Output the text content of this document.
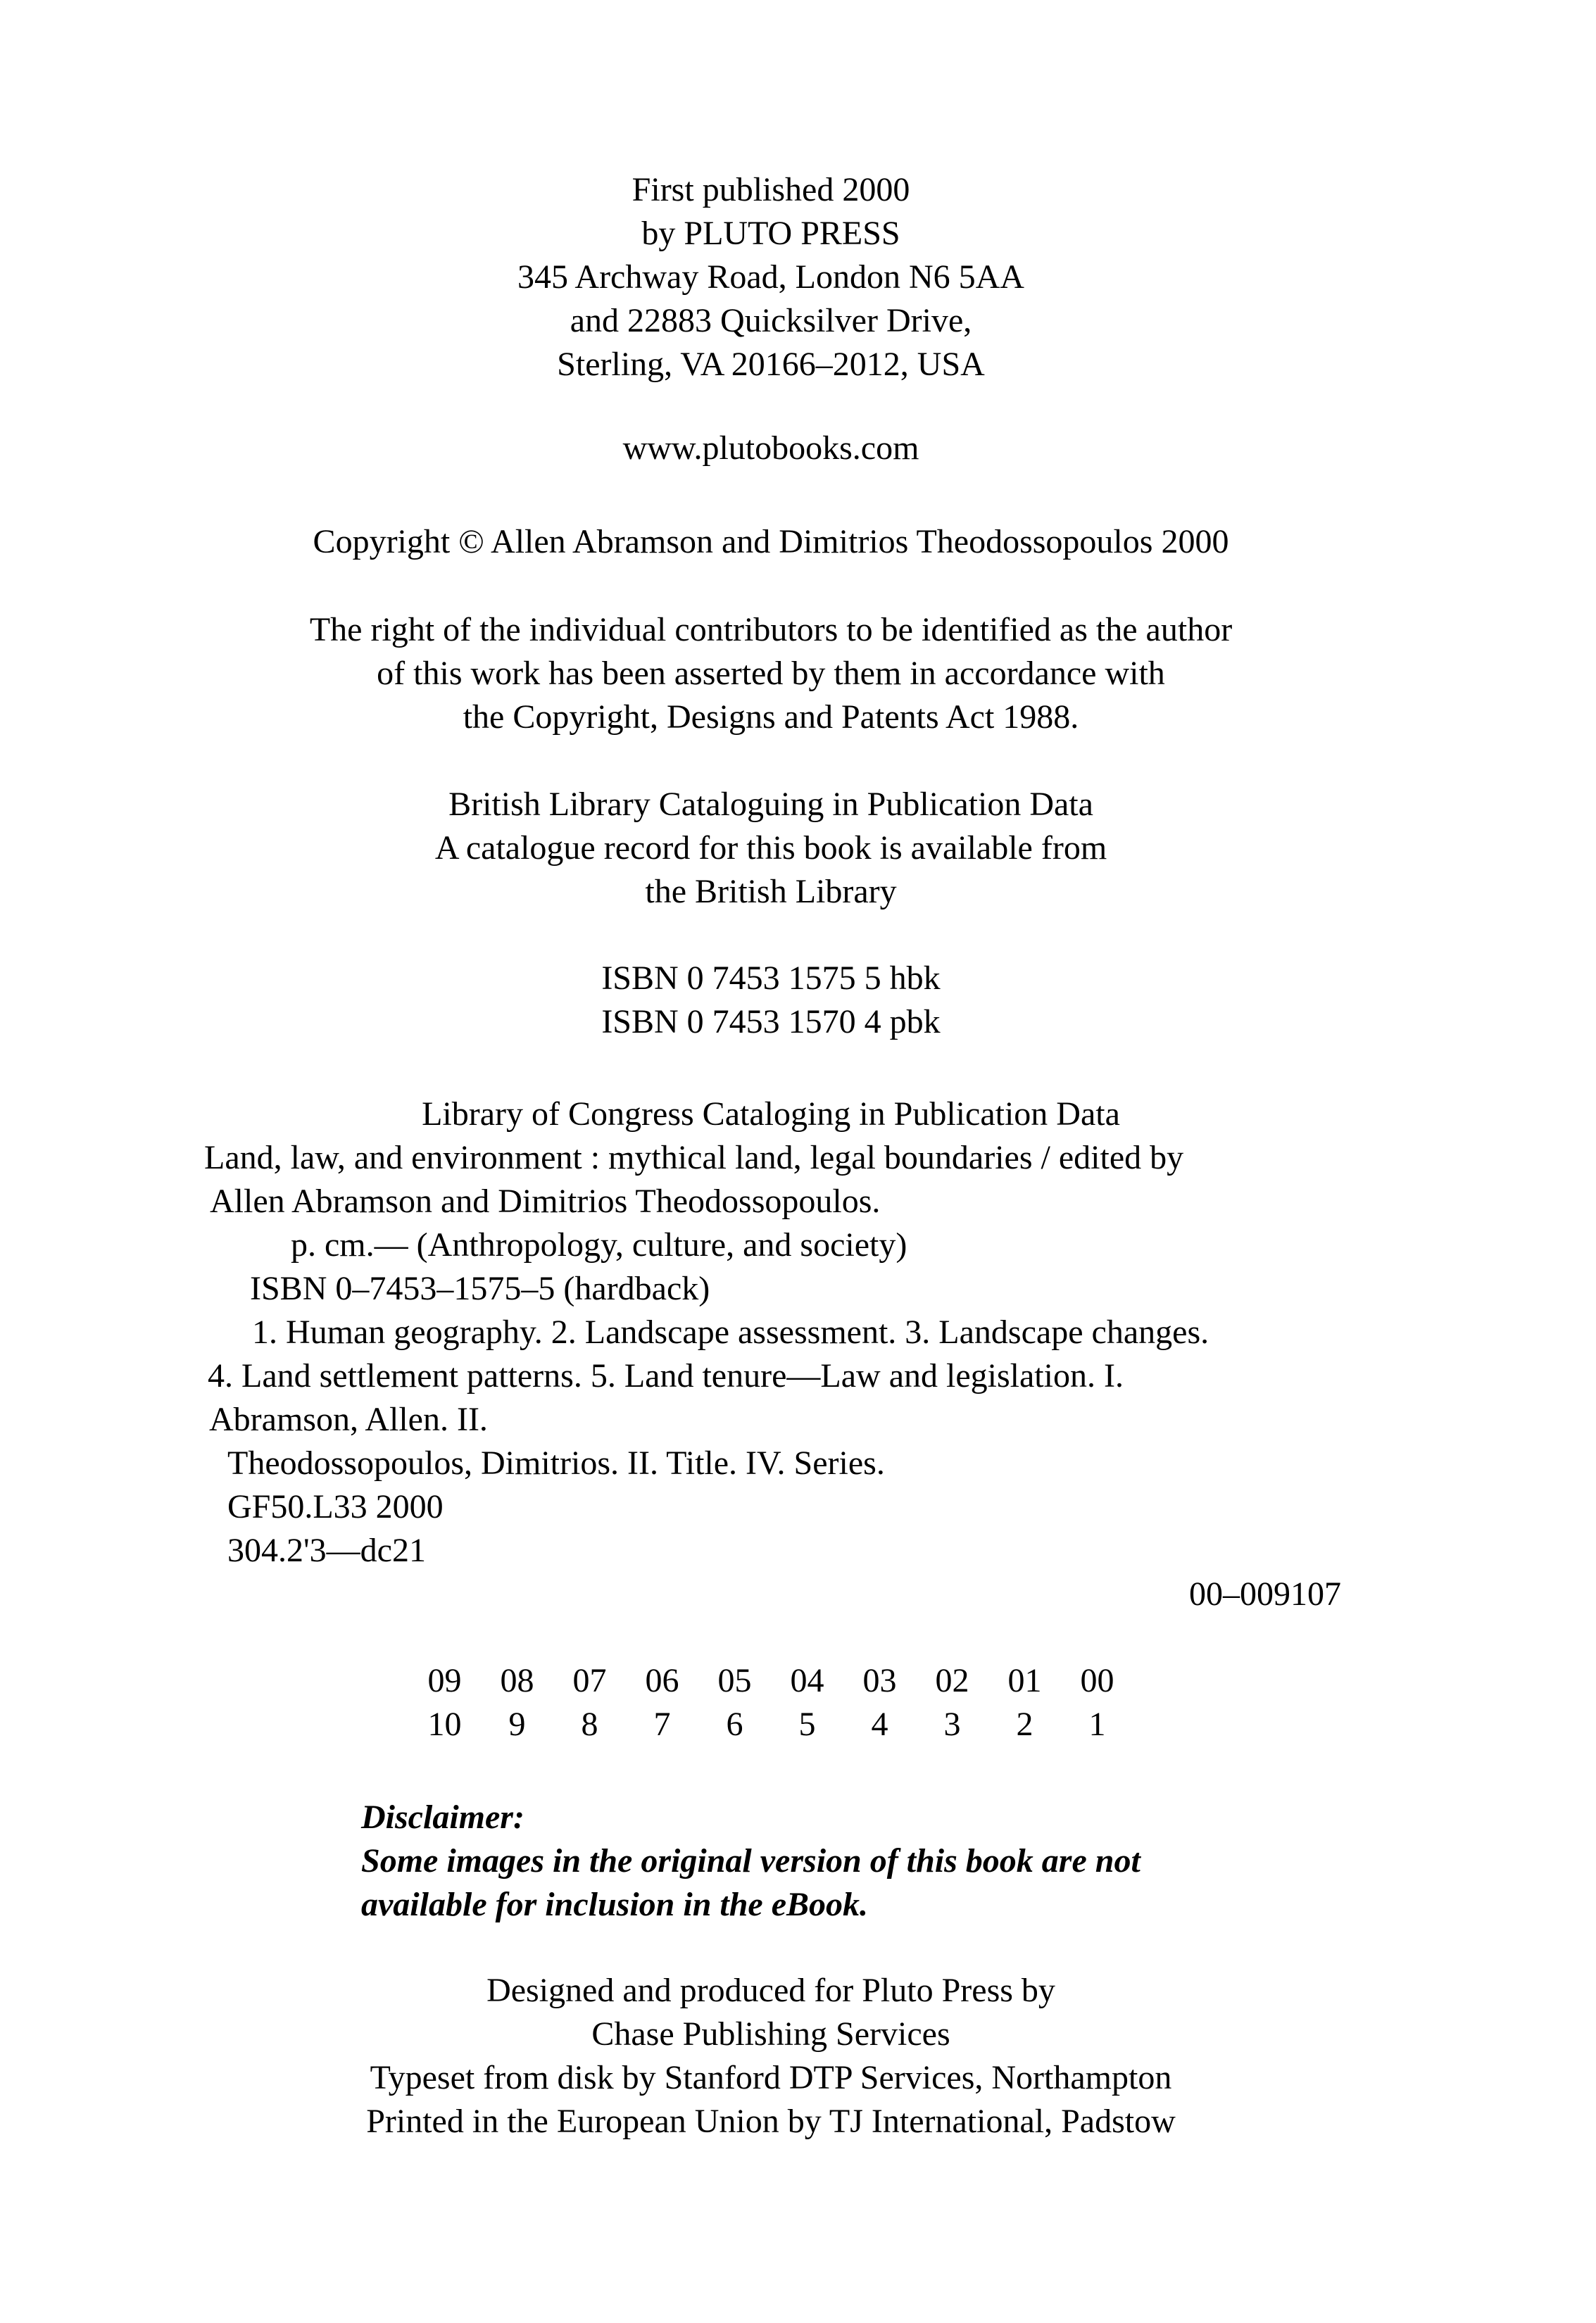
First published 2000
by PLUTO PRESS
345 Archway Road, London N6 5AA
and 22883 Quicksilver Drive,
Sterling, VA 20166–2012, USA
www.plutobooks.com
Copyright © Allen Abramson and Dimitrios Theodossopoulos 2000
The right of the individual contributors to be identified as the author
of this work has been asserted by them in accordance with
the Copyright, Designs and Patents Act 1988.
British Library Cataloguing in Publication Data
A catalogue record for this book is available from
the British Library
ISBN 0 7453 1575 5 hbk
ISBN 0 7453 1570 4 pbk
Library of Congress Cataloging in Publication Data
Land, law, and environment : mythical land, legal boundaries / edited by
Allen Abramson and Dimitrios Theodossopoulos.
p. cm.— (Anthropology, culture, and society)
ISBN 0–7453–1575–5 (hardback)
1. Human geography. 2. Landscape assessment. 3. Landscape changes.
4. Land settlement patterns. 5. Land tenure—Law and legislation. I.
Abramson, Allen. II.
Theodossopoulos, Dimitrios. II. Title. IV. Series.
GF50.L33 2000
304.2'3—dc21
00–009107
09 08 07 06 05 04 03 02 01 00
10 9 8 7 6 5 4 3 2 1
Disclaimer:
Some images in the original version of this book are not
available for inclusion in the eBook.
Designed and produced for Pluto Press by
Chase Publishing Services
Typeset from disk by Stanford DTP Services, Northampton
Printed in the European Union by TJ International, Padstow
